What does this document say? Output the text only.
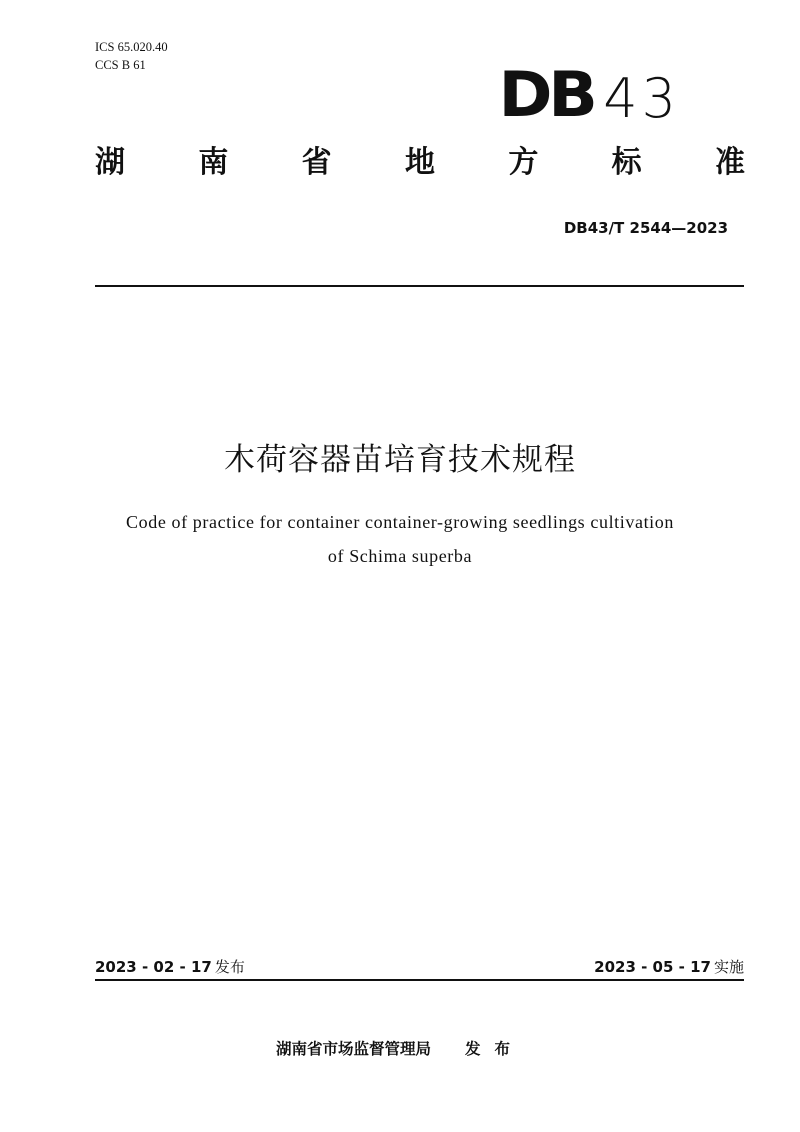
ICS 65.020.40
CCS B 61	DB 43
湖 南 省 地 方 标 准
DB43/T 2544—2023
木荷容器苗培育技术规程
Code of practice for container container-growing seedlings cultivation
of Schima superba
2023 - 02 - 17 发布	2023 - 05 - 17 实施
湖南省市场监督管理局 发布
